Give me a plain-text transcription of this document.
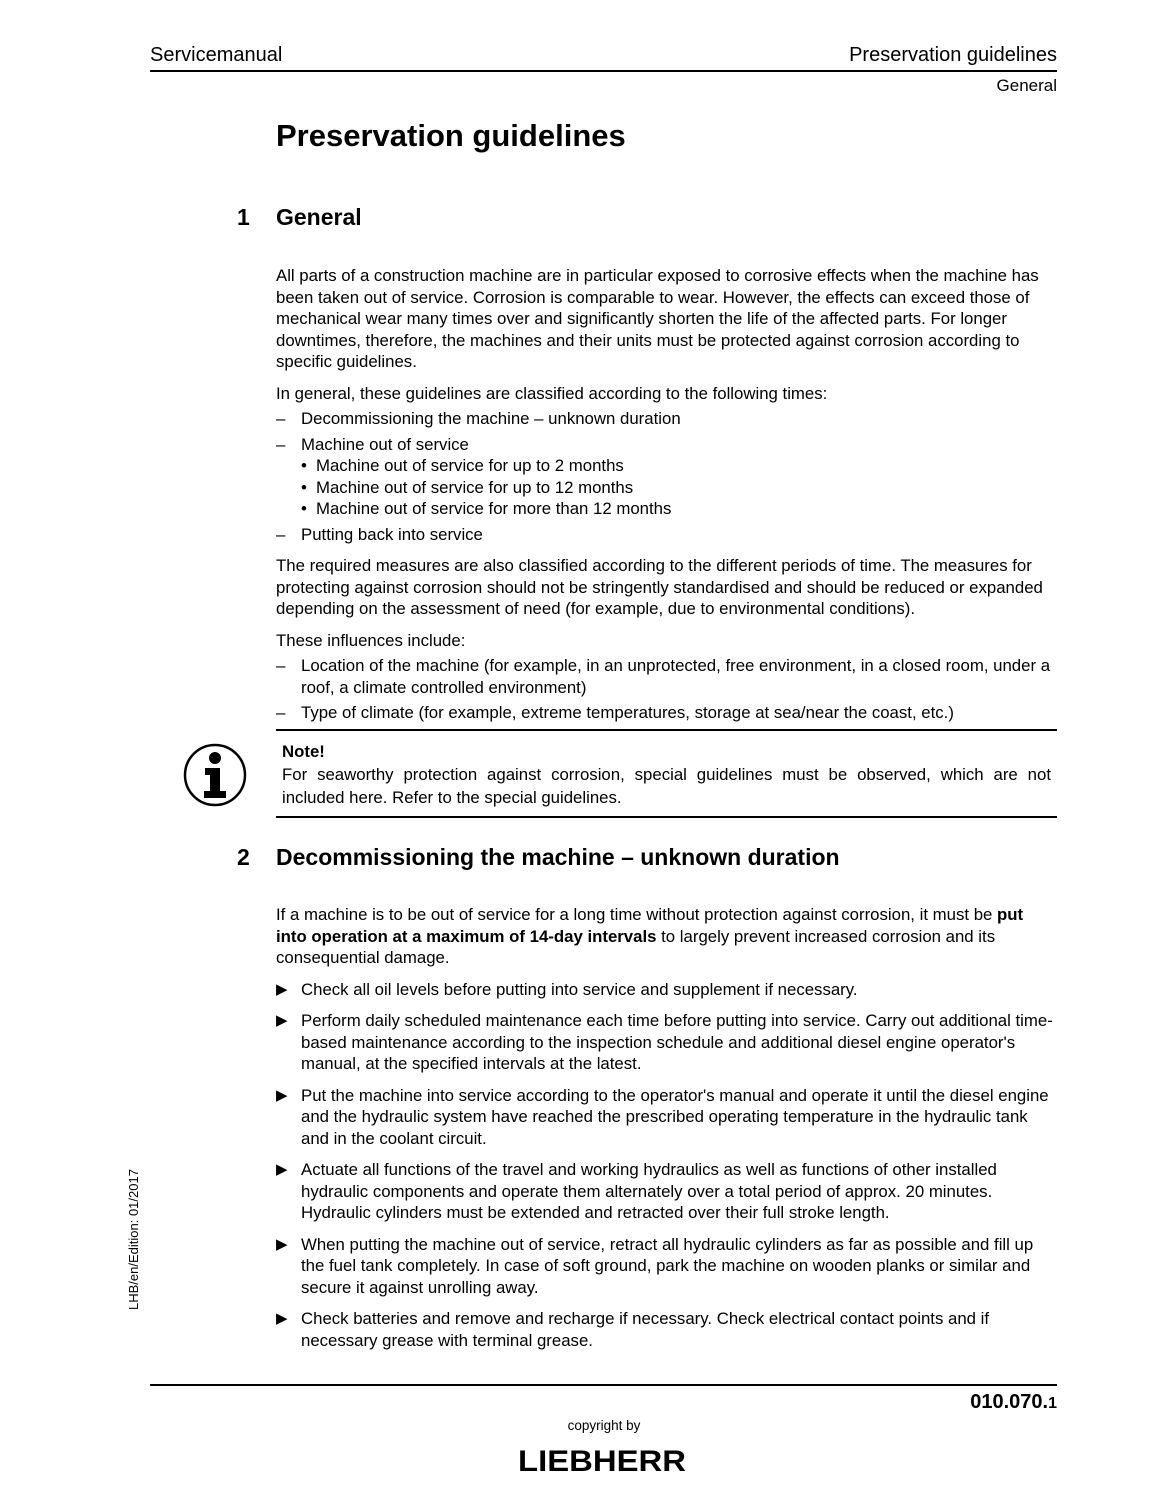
Servicemanual	Preservation guidelines
General
Preservation guidelines
1 General

All parts of a construction machine are in particular exposed to corrosive effects when the machine has been taken out of service. Corrosion is comparable to wear. However, the effects can exceed those of mechanical wear many times over and significantly shorten the life of the affected parts. For longer downtimes, therefore, the machines and their units must be protected against corrosion according to specific guidelines.

In general, these guidelines are classified according to the following times:

– Decommissioning the machine – unknown duration
– Machine out of service
• Machine out of service for up to 2 months
• Machine out of service for up to 12 months
• Machine out of service for more than 12 months
– Putting back into service

The required measures are also classified according to the different periods of time. The measures for protecting against corrosion should not be stringently standardised and should be reduced or expanded depending on the assessment of need (for example, due to environmental conditions).

These influences include:

– Location of the machine (for example, in an unprotected, free environment, in a closed room, under a roof, a climate controlled environment)
– Type of climate (for example, extreme temperatures, storage at sea/near the coast, etc.)
Note!
For seaworthy protection against corrosion, special guidelines must be observed, which are not included here. Refer to the special guidelines.
2 Decommissioning the machine – unknown duration

If a machine is to be out of service for a long time without protection against corrosion, it must be put into operation at a maximum of 14-day intervals to largely prevent increased corrosion and its consequential damage.

▶ Check all oil levels before putting into service and supplement if necessary.
▶ Perform daily scheduled maintenance each time before putting into service. Carry out additional time-based maintenance according to the inspection schedule and additional diesel engine operator's manual, at the specified intervals at the latest.
▶ Put the machine into service according to the operator's manual and operate it until the diesel engine and the hydraulic system have reached the prescribed operating temperature in the hydraulic tank and in the coolant circuit.
▶ Actuate all functions of the travel and working hydraulics as well as functions of other installed hydraulic components and operate them alternately over a total period of approx. 20 minutes. Hydraulic cylinders must be extended and retracted over their full stroke length.
▶ When putting the machine out of service, retract all hydraulic cylinders as far as possible and fill up the fuel tank completely. In case of soft ground, park the machine on wooden planks or similar and secure it against unrolling away.
▶ Check batteries and remove and recharge if necessary. Check electrical contact points and if necessary grease with terminal grease.
LHB/en/Edition: 01/2017
010.070.1
copyright by
LIEBHERR
